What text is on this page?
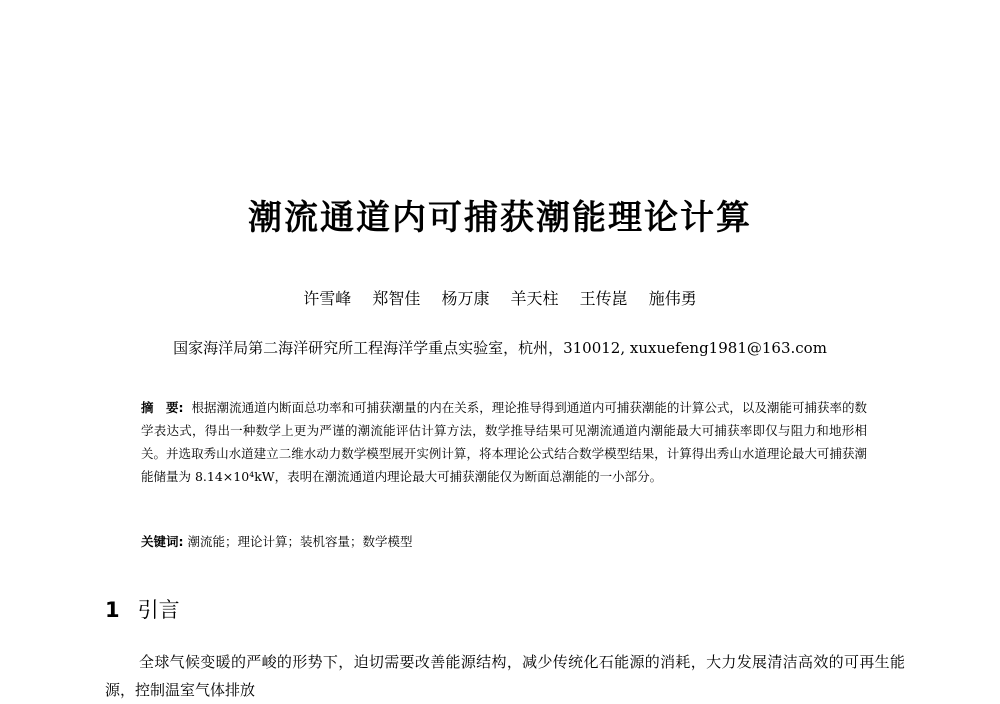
潮流通道内可捕获潮能理论计算
许雪峰 郑智佳 杨万康 羊天柱 王传崑 施伟勇
国家海洋局第二海洋研究所工程海洋学重点实验室，杭州，310012, xuxuefeng1981@163.com
摘　要: 根据潮流通道内断面总功率和可捕获潮量的内在关系，理论推导得到通道内可捕获潮能的计算公式，以及潮能可捕获率的数学表达式，得出一种数学上更为严谨的潮流能评估计算方法，数学推导结果可见潮流通道内潮能最大可捕获率即仅与阻力和地形相关。并选取秀山水道建立二维水动力数学模型展开实例计算，将本理论公式结合数学模型结果，计算得出秀山水道理论最大可捕获潮能储量为 8.14×10⁴kW，表明在潮流通道内理论最大可捕获潮能仅为断面总潮能的一小部分。
关键词: 潮流能；理论计算；装机容量；数学模型
1 引言
全球气候变暖的严峻的形势下，迫切需要改善能源结构，减少传统化石能源的消耗，大力发展清洁高效的可再生能源，控制温室气体排放
